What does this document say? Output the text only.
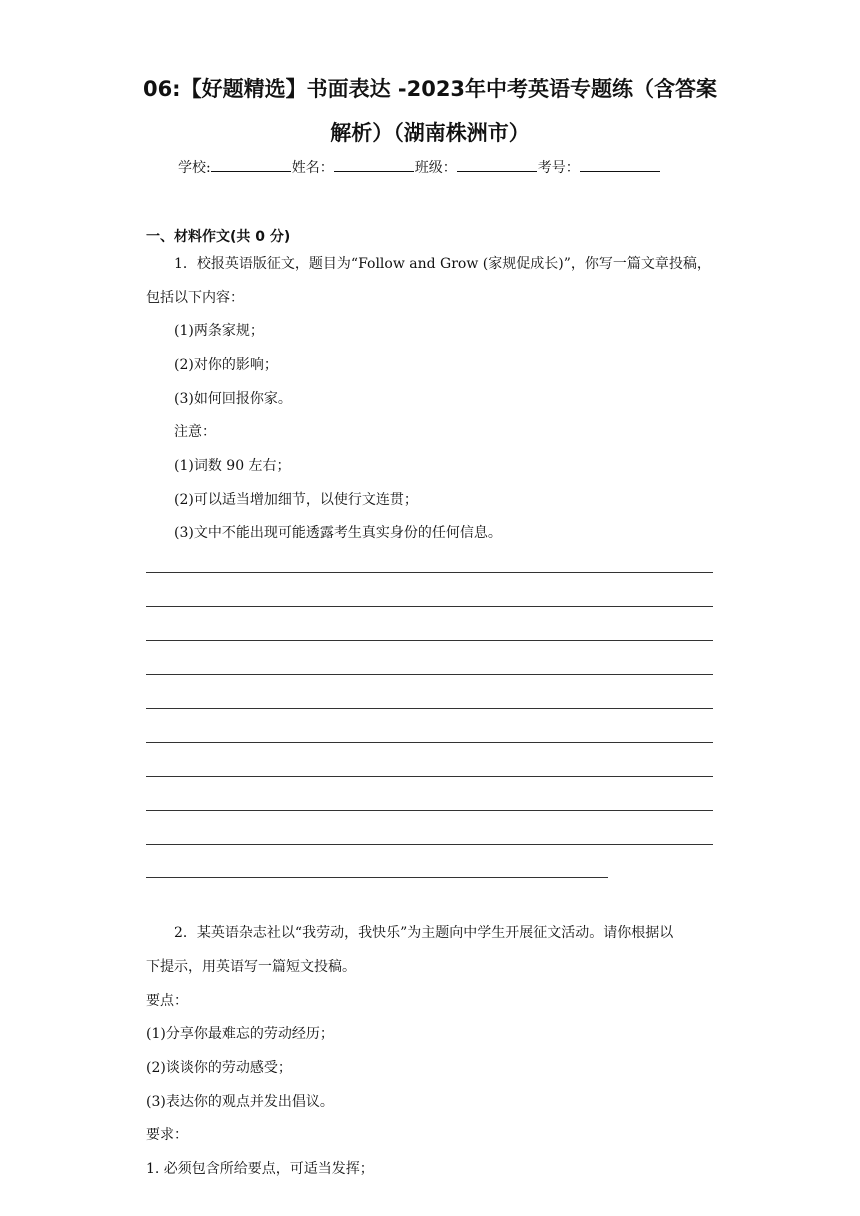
06:【好题精选】书面表达 -2023年中考英语专题练（含答案
解析）（湖南株洲市）
学校:	姓名：	班级：	考号：
一、材料作文(共 0 分)
1．校报英语版征文，题目为“Follow and Grow (家规促成长)”，你写一篇文章投稿，
包括以下内容：
(1)两条家规；
(2)对你的影响；
(3)如何回报你家。
注意：
(1)词数 90 左右；
(2)可以适当增加细节，以使行文连贯；
(3)文中不能出现可能透露考生真实身份的任何信息。
2．某英语杂志社以“我劳动，我快乐”为主题向中学生开展征文活动。请你根据以
下提示，用英语写一篇短文投稿。
要点：
(1)分享你最难忘的劳动经历；
(2)谈谈你的劳动感受；
(3)表达你的观点并发出倡议。
要求：
1. 必须包含所给要点，可适当发挥；
